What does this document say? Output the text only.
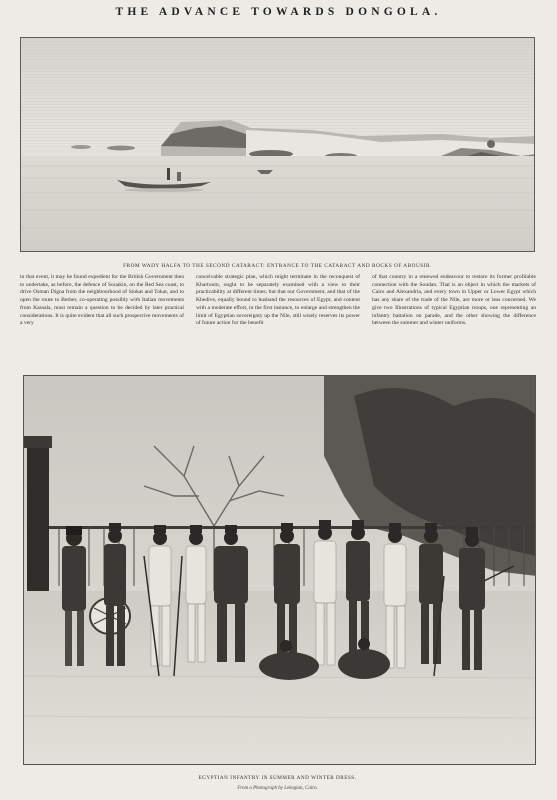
THE ADVANCE TOWARDS DONGOLA.
FROM WADY HALFA TO THE SECOND CATARACT: ENTRANCE TO THE CATARACT AND ROCKS OF ABOUSIR.
in that event, it may be found expedient for the British Government then to undertake, as before, the defence of Souakin, on the Red Sea coast, to drive Osman Digna from the neighbourhood of Sinkat and Tokar, and to open the route to Berber, co-operating possibly with Italian movements from Kassala, must remain a question to be decided by later practical considerations. It is quite evident that all such prospective movements of a very
conceivable strategic plan, which might terminate in the reconquest of Khartoum, ought to be separately examined with a view to their practicability at different times; but that our Government, and that of the Khedive, equally bound to husband the resources of Egypt, and content with a moderate effort, in the first instance, to enlarge and strengthen the limit of Egyptian sovereignty up the Nile, still wisely reserves its power of future action for the benefit
of that country in a renewed endeavour to restore its former profitable connection with the Soudan. That is an object in which the markets of Cairo and Alexandria, and every town in Upper or Lower Egypt which has any share of the trade of the Nile, are more or less concerned. We give two Illustrations of typical Egyptian troops, one representing an infantry battalion on parade, and the other showing the difference between the summer and winter uniforms.
EGYPTIAN INFANTRY IN SUMMER AND WINTER DRESS.
From a Photograph by Lekegian, Cairo.
